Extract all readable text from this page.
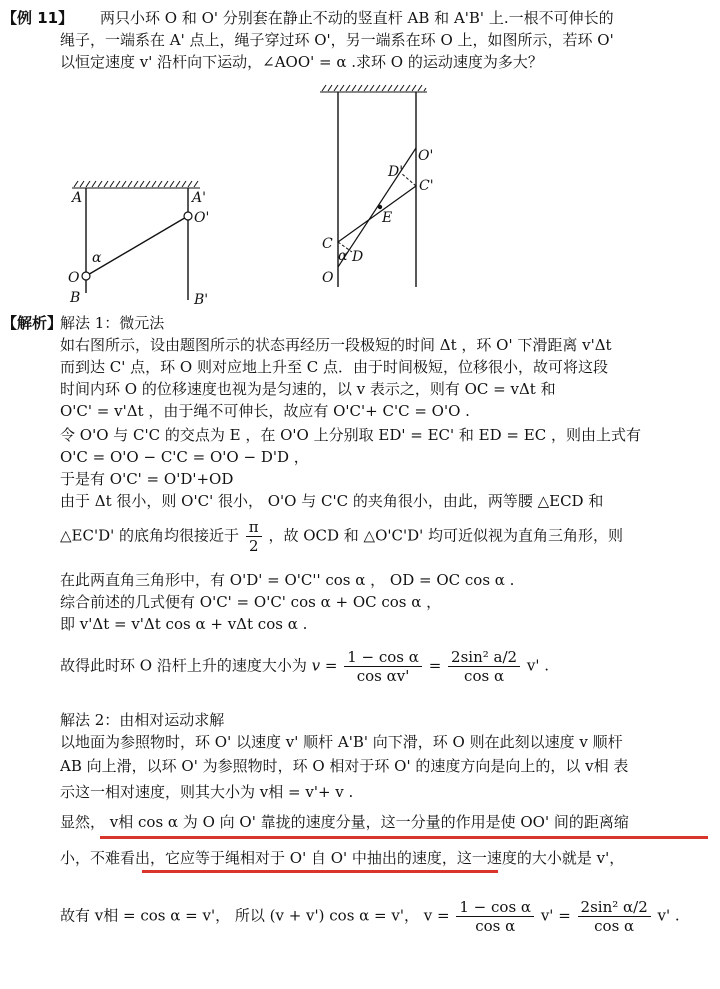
【例 11】 两只小环 O 和 O' 分别套在静止不动的竖直杆 AB 和 A'B' 上.一根不可伸长的
绳子，一端系在 A' 点上，绳子穿过环 O'，另一端系在环 O 上，如图所示，若环 O'
以恒定速度 v' 沿杆向下运动，∠AOO' = α .求环 O 的运动速度为多大？
A	A'
O'
α
O
B	B'
O'
D'
C'
E
C
α D
O
【解析】
解法 1：微元法
如右图所示，设由题图所示的状态再经历一段极短的时间 Δt ，环 O' 下滑距离 v'Δt
而到达 C' 点，环 O 则对应地上升至 C 点．由于时间极短，位移很小，故可将这段
时间内环 O 的位移速度也视为是匀速的，以 v 表示之，则有 OC = vΔt 和
O'C' = v'Δt ，由于绳不可伸长，故应有 O'C'+ C'C = O'O .
令 O'O 与 C'C 的交点为 E ，在 O'O 上分别取 ED' = EC' 和 ED = EC ，则由上式有
O'C = O'O − C'C = O'O − D'D ，
于是有 O'C' = O'D'+OD
由于 Δt 很小，则 O'C' 很小， O'O 与 C'C 的夹角很小，由此，两等腰 △ECD 和
△EC'D' 的底角均很接近于 $\frac{\pi}{2}$ ，故 OCD 和 △O'C'D' 均可近似视为直角三角形，则
在此两直角三角形中，有 O'D' = O'C'' cos α ， OD = OC cos α .
综合前述的几式便有 O'C' = O'C' cos α + OC cos α ，
即 v'Δt = v'Δt cos α + vΔt cos α .
故得此时环 O 沿杆上升的速度大小为 $v = \frac{\text{1 − cos α}}{\text{cos αv'}} = \frac{\text{2sin² a/2}}{\text{cos α}} v'$ .
解法 2：由相对运动求解
以地面为参照物时，环 O' 以速度 v' 顺杆 A'B' 向下滑，环 O 则在此刻以速度 v 顺杆
AB 向上滑，以环 O' 为参照物时，环 O 相对于环 O' 的速度方向是向上的，以 v相 表
示这一相对速度，则其大小为 v相 = v'+ v .
显然， v相 cos α 为 O 向 O' 靠拢的速度分量，这一分量的作用是使 OO' 间的距离缩
小，不难看出，它应等于绳相对于 O' 自 O' 中抽出的速度，这一速度的大小就是 v'，
故有 v相 = cos α = v'， 所以 (v + v') cos α = v'， $v = \frac{\text{1 − cos α}}{\text{cos α}} v' = \frac{\text{2sin² α/2}}{\text{cos α}} v'$ .
